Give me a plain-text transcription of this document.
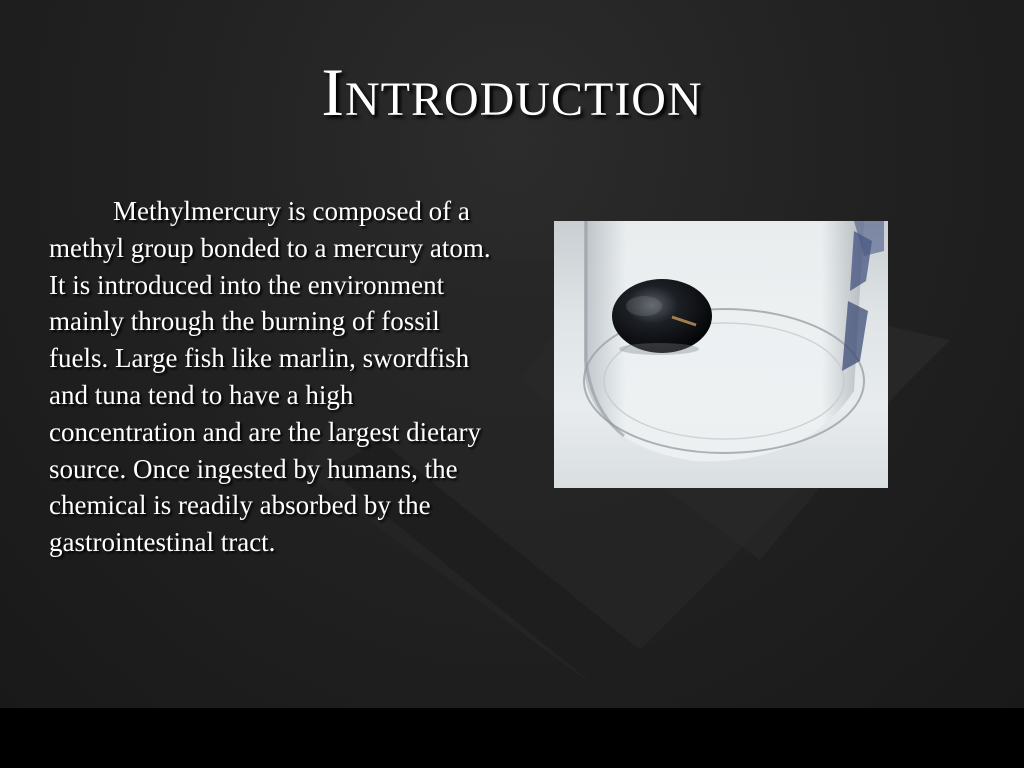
Introduction

Methylmercury is composed of a methyl group bonded to a mercury atom. It is introduced into the environment mainly through the burning of fossil fuels. Large fish like marlin, swordfish and tuna tend to have a high concentration and are the largest dietary source. Once ingested by humans, the chemical is readily absorbed by the gastrointestinal tract.
